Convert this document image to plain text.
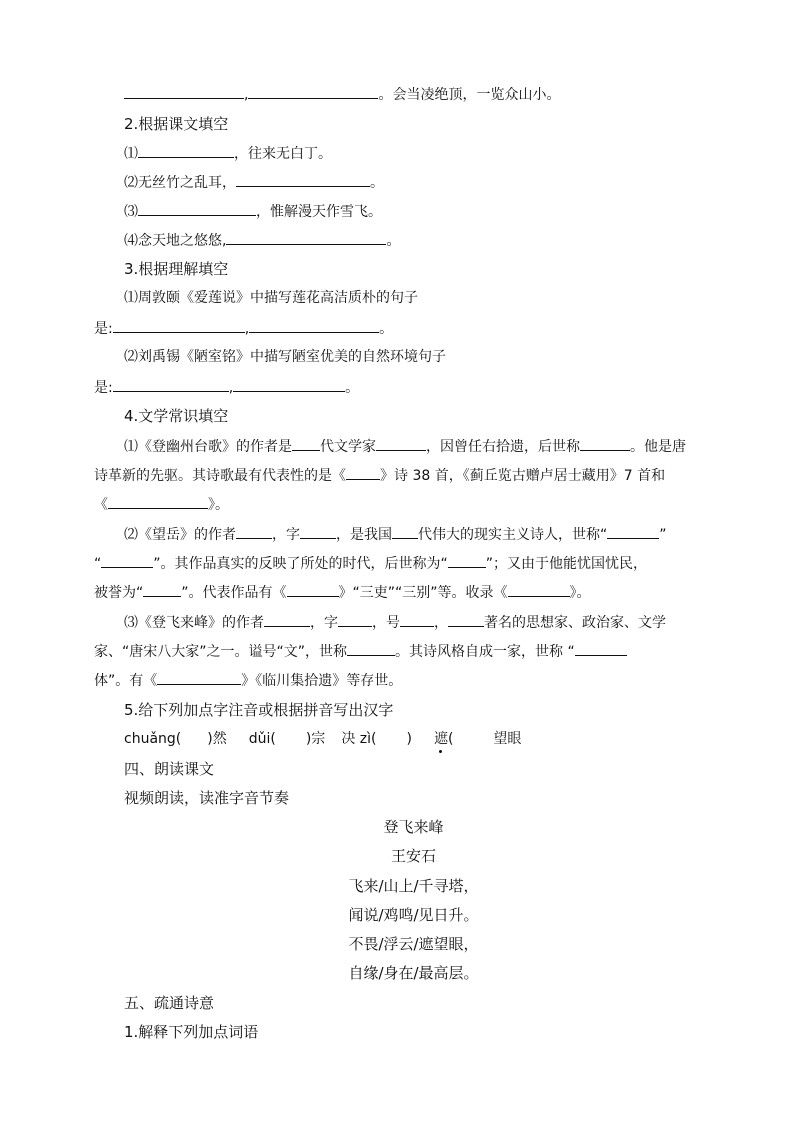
,	。会当凌绝顶，一览众山小。
2.根据课文填空
⑴	，往来无白丁。
⑵无丝竹之乱耳，	。
⑶	，惟解漫天作雪飞。
⑷念天地之悠悠,	。
3.根据理解填空
⑴周敦颐《爱莲说》中描写莲花高洁质朴的句子
是:	,	。
⑵刘禹锡《陋室铭》中描写陋室优美的自然环境句子
是:	,	。
4.文学常识填空
⑴《登幽州台歌》的作者是 代文学家	，因曾任右拾遗，后世称	。他是唐
诗革新的先驱。其诗歌最有代表性的是《 》诗 38 首，《蓟丘览古赠卢居士藏用》7 首和
《	》。
⑵《望岳》的作者	，字	，是我国 代伟大的现实主义诗人，世称“	”
“	”。其作品真实的反映了所处的时代，后世称为“	”；又由于他能忧国忧民，
被誉为“	”。代表作品有《	》“三吏”“三别”等。收录《	》。
⑶《登飞来峰》的作者	，字 ，号 ，	著名的思想家、政治家、文学
家、“唐宋八大家”之一。谥号“文”，世称	。其诗风格自成一家，世称 “
体”。有《	》《临川集拾遗》等存世。
5.给下列加点字注音或根据拼音写出汉字
chuǎng( )然 dǔi( )宗 决 zì( ) 遮(	望眼
四、朗读课文
视频朗读，读准字音节奏
登飞来峰
王安石
飞来/山上/千寻塔，
闻说/鸡鸣/见日升。
不畏/浮云/遮望眼，
自缘/身在/最高层。
五、疏通诗意
1.解释下列加点词语
